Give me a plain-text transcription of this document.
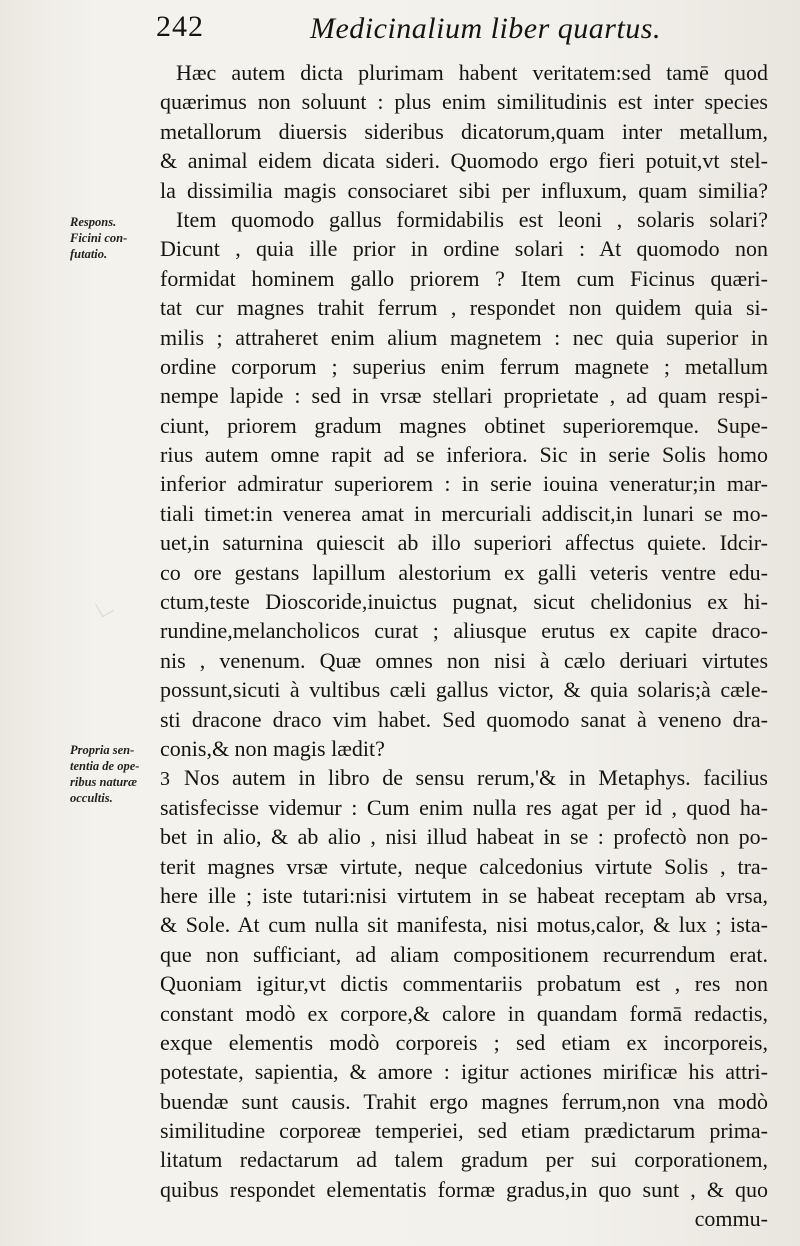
242	Medicinalium liber quartus.
Respons.
Ficini con-
futatio.
Propria sen-
tentia de ope-
ribus naturæ
occultis.
Hæc autem dicta plurimam habent veritatem:sed tamē quod
quærimus non soluunt : plus enim similitudinis est inter species
metallorum diuersis sideribus dicatorum,quam inter metallum,
& animal eidem dicata sideri. Quomodo ergo fieri potuit,vt stel-
la dissimilia magis consociaret sibi per influxum, quam similia?
Item quomodo gallus formidabilis est leoni , solaris solari?
Dicunt , quia ille prior in ordine solari : At quomodo non
formidat hominem gallo priorem ? Item cum Ficinus quæri-
tat cur magnes trahit ferrum , respondet non quidem quia si-
milis ; attraheret enim alium magnetem : nec quia superior in
ordine corporum ; superius enim ferrum magnete ; metallum
nempe lapide : sed in vrsæ stellari proprietate , ad quam respi-
ciunt, priorem gradum magnes obtinet superioremque. Supe-
rius autem omne rapit ad se inferiora. Sic in serie Solis homo
inferior admiratur superiorem : in serie iouina veneratur;in mar-
tiali timet:in venerea amat in mercuriali addiscit,in lunari se mo-
uet,in saturnina quiescit ab illo superiori affectus quiete. Idcir-
co ore gestans lapillum alestorium ex galli veteris ventre edu-
ctum,teste Dioscoride,inuictus pugnat, sicut chelidonius ex hi-
rundine,melancholicos curat ; aliusque erutus ex capite draco-
nis , venenum. Quæ omnes non nisi à cælo deriuari virtutes
possunt,sicuti à vultibus cæli gallus victor, & quia solaris;à cæle-
sti dracone draco vim habet. Sed quomodo sanat à veneno dra-
conis,& non magis lædit?
3 Nos autem in libro de sensu rerum,'& in Metaphys. facilius
satisfecisse videmur : Cum enim nulla res agat per id , quod ha-
bet in alio, & ab alio , nisi illud habeat in se : profectò non po-
terit magnes vrsæ virtute, neque calcedonius virtute Solis , tra-
here ille ; iste tutari:nisi virtutem in se habeat receptam ab vrsa,
& Sole. At cum nulla sit manifesta, nisi motus,calor, & lux ; ista-
que non sufficiant, ad aliam compositionem recurrendum erat.
Quoniam igitur,vt dictis commentariis probatum est , res non
constant modò ex corpore,& calore in quandam formā redactis,
exque elementis modò corporeis ; sed etiam ex incorporeis,
potestate, sapientia, & amore : igitur actiones mirificæ his attri-
buendæ sunt causis. Trahit ergo magnes ferrum,non vna modò
similitudine corporeæ temperiei, sed etiam prædictarum prima-
litatum redactarum ad talem gradum per sui corporationem,
quibus respondet elementatis formæ gradus,in quo sunt , & quo
commu-
